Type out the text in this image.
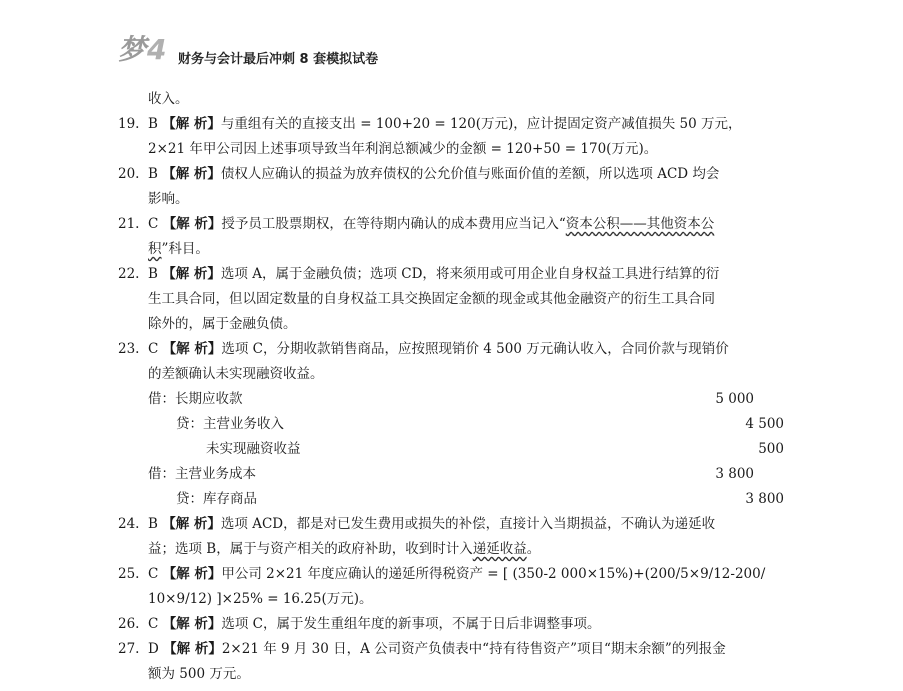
梦4 财务与会计最后冲刺 8 套模拟试卷
收入。
19. B 【解 析】与重组有关的直接支出 = 100+20 = 120(万元)，应计提固定资产减值损失 50 万元，
2×21 年甲公司因上述事项导致当年利润总额减少的金额 = 120+50 = 170(万元)。
20. B 【解 析】债权人应确认的损益为放弃债权的公允价值与账面价值的差额，所以选项 ACD 均会
影响。
21. C 【解 析】授予员工股票期权，在等待期内确认的成本费用应当记入“资本公积——其他资本公
积”科目。
22. B 【解 析】选项 A，属于金融负债；选项 CD，将来须用或可用企业自身权益工具进行结算的衍
生工具合同，但以固定数量的自身权益工具交换固定金额的现金或其他金融资产的衍生工具合同
除外的，属于金融负债。
23. C 【解 析】选项 C，分期收款销售商品，应按照现销价 4 500 万元确认收入，合同价款与现销价
的差额确认未实现融资收益。
借：长期应收款	5 000
贷：主营业务收入	4 500
未实现融资收益	500
借：主营业务成本	3 800
贷：库存商品	3 800
24. B 【解 析】选项 ACD，都是对已发生费用或损失的补偿，直接计入当期损益，不确认为递延收
益；选项 B，属于与资产相关的政府补助，收到时计入递延收益。
25. C 【解 析】甲公司 2×21 年度应确认的递延所得税资产 = [ (350-2 000×15%)+(200/5×9/12-200/
10×9/12) ]×25% = 16.25(万元)。
26. C 【解 析】选项 C，属于发生重组年度的新事项，不属于日后非调整事项。
27. D 【解 析】2×21 年 9 月 30 日，A 公司资产负债表中“持有待售资产”项目“期末余额”的列报金
额为 500 万元。
